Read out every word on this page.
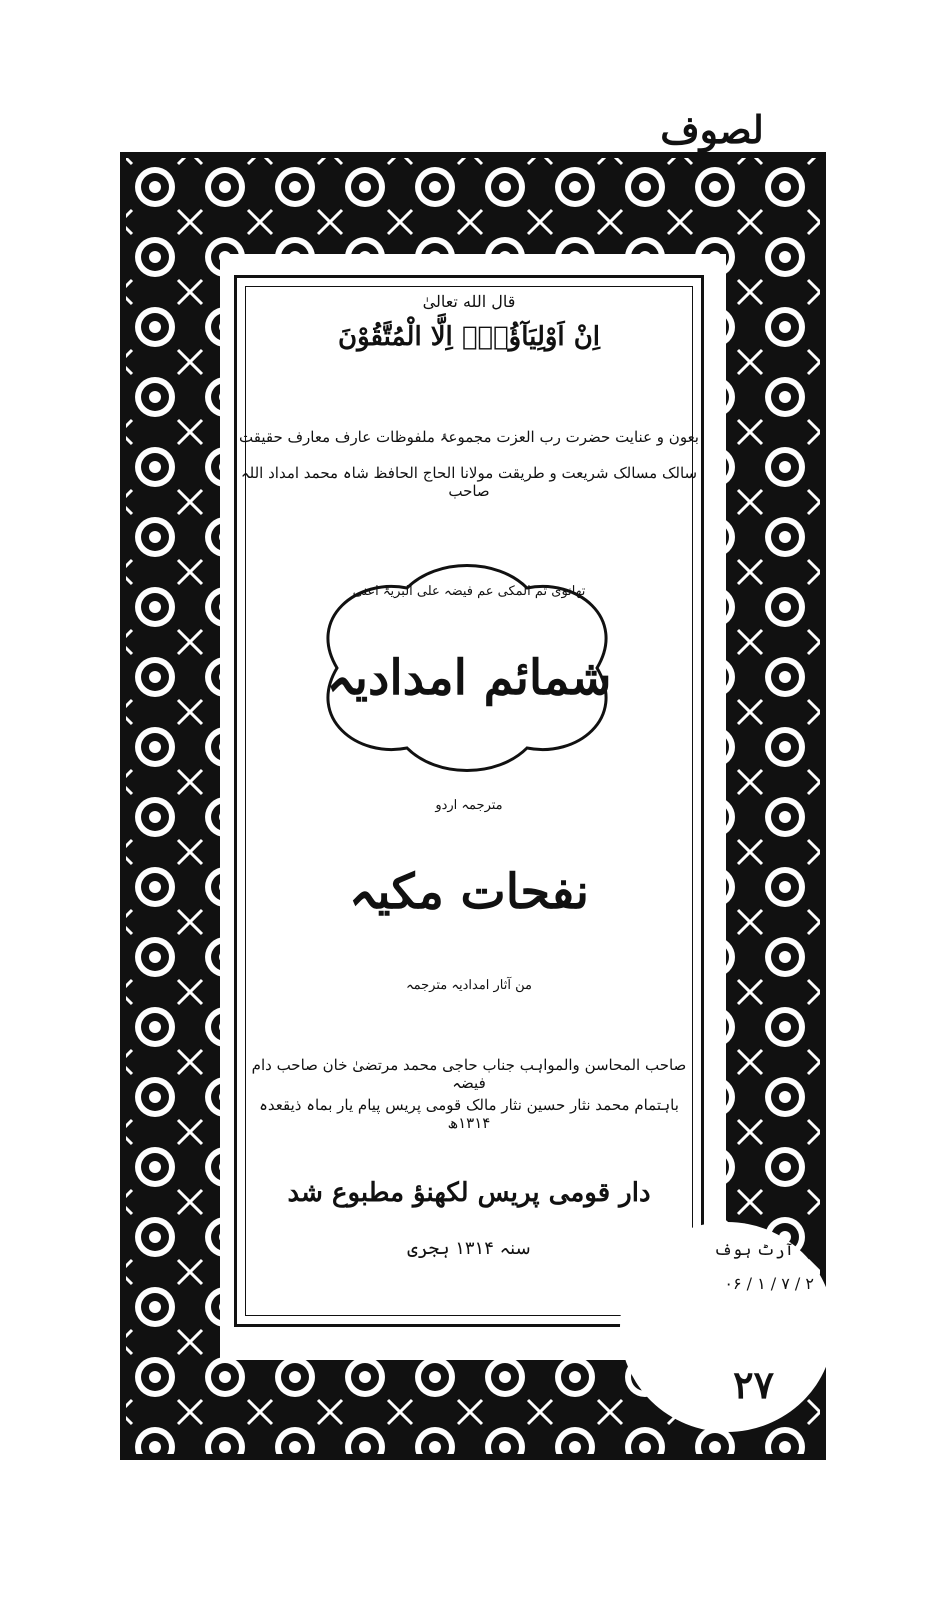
لصوف
قال الله تعالیٰ
اِنْ اَوْلِیَآؤُهٗۤ اِلَّا الْمُتَّقُوْنَ
بعون و عنایت حضرت رب العزت مجموعۂ ملفوظات عارف معارف حقیقت
سالک مسالک شریعت و طریقت مولانا الحاج الحافظ شاہ محمد امداد اللہ صاحب
تھانوی ثم المکی عم فیضہ علی البریۃ اعنی
شمائم امدادیہ
مترجمہ اردو
نفحات مکیہ
من آثار امدادیہ مترجمہ
صاحب المحاسن والمواہب جناب حاجی محمد مرتضیٰ خان صاحب دام فیضہ
باہتمام محمد نثار حسین نثار مالک قومی پریس پیام یار بماہ ذیقعدہ ۱۳۱۴ھ
دار قومی پریس لکھنؤ مطبوع شد
سنہ ۱۳۱۴ ہجری	آرٹ ہوف
۲ / ۷ / ۱ / ۰۶
۲۷
